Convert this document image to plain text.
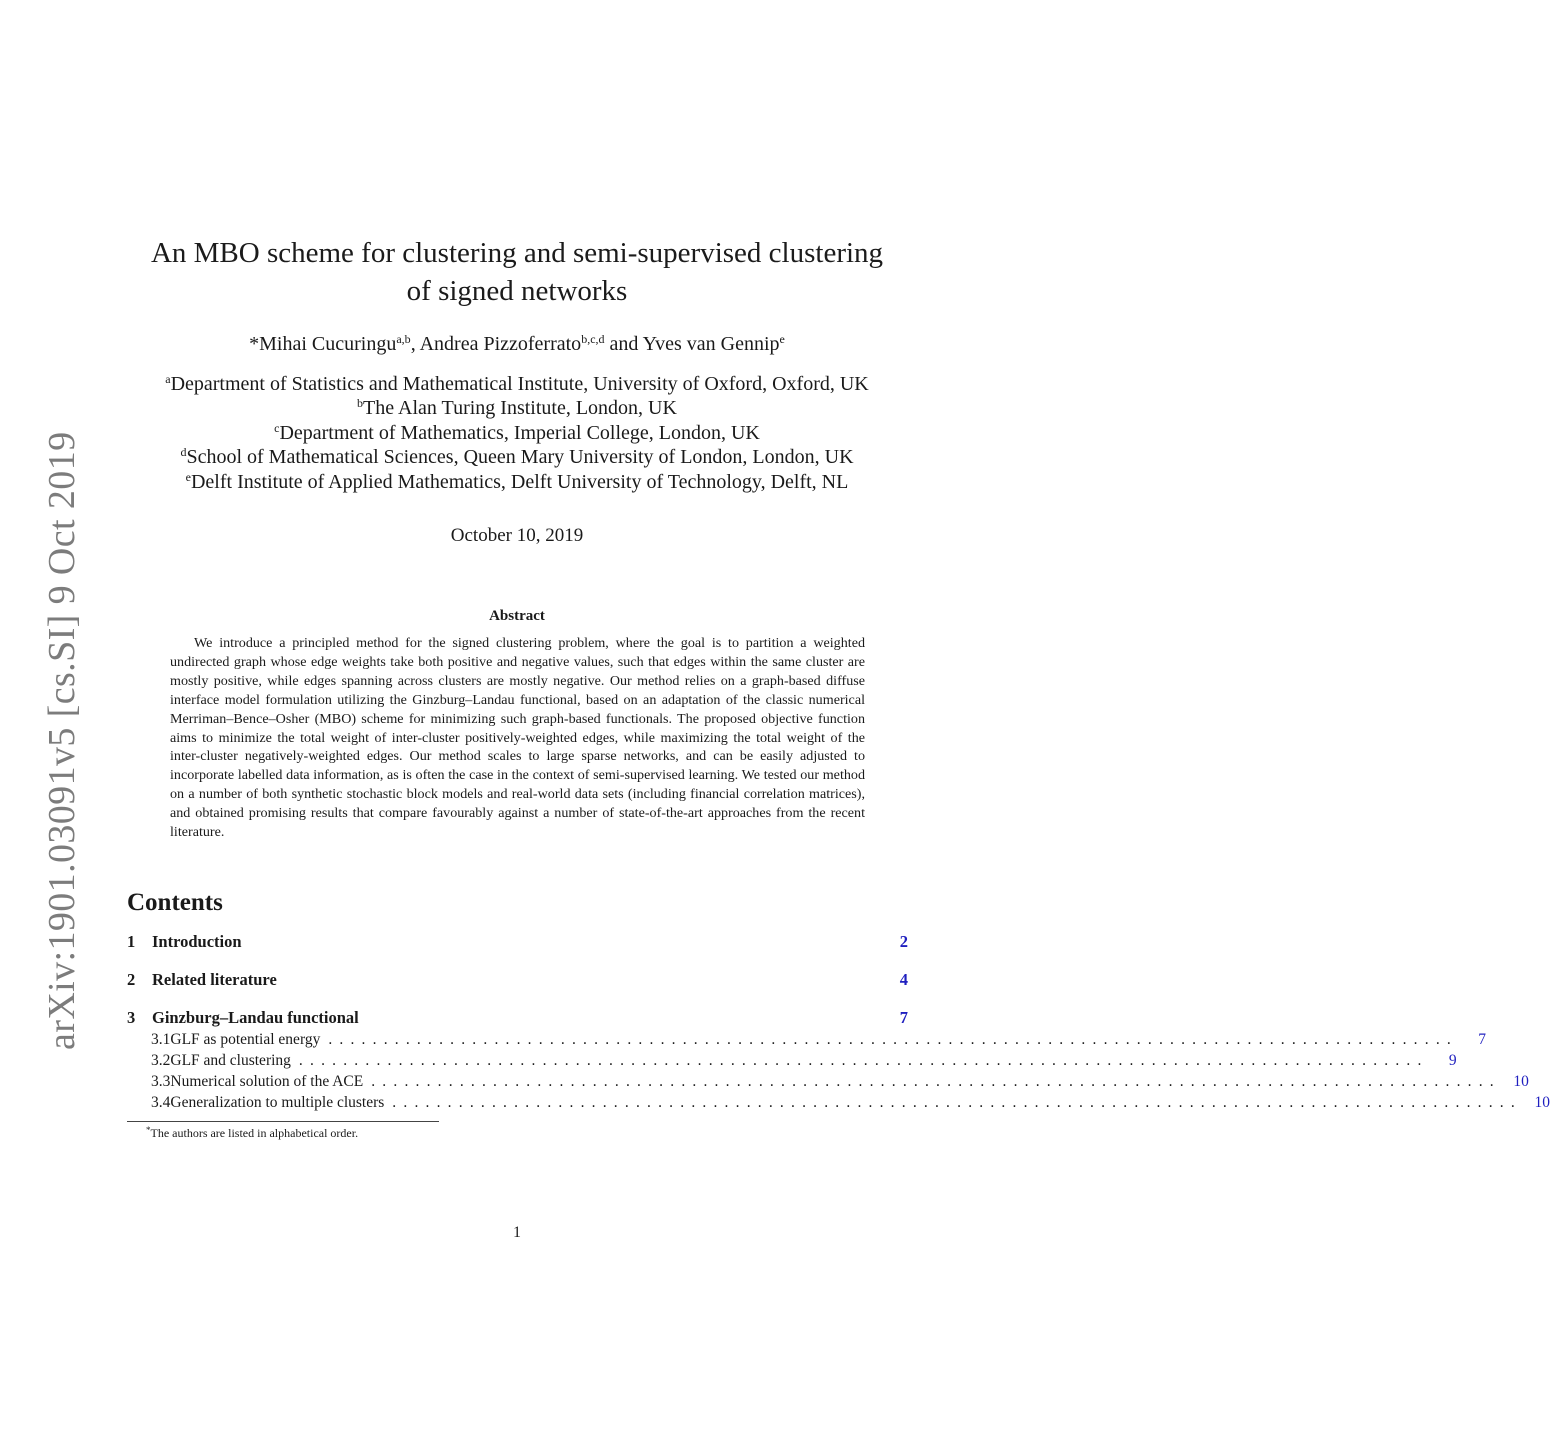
arXiv:1901.03091v5 [cs.SI] 9 Oct 2019
An MBO scheme for clustering and semi-supervised clustering
of signed networks
*Mihai Cucuringu$^{a,b}$, Andrea Pizzoferrato$^{b,c,d}$ and Yves van Gennip$^e$
$^a$Department of Statistics and Mathematical Institute, University of Oxford, Oxford, UK
$^b$The Alan Turing Institute, London, UK
$^c$Department of Mathematics, Imperial College, London, UK
$^d$School of Mathematical Sciences, Queen Mary University of London, London, UK
$^e$Delft Institute of Applied Mathematics, Delft University of Technology, Delft, NL
October 10, 2019
Abstract
We introduce a principled method for the signed clustering problem, where the goal is to partition a weighted undirected graph whose edge weights take both positive and negative values, such that edges within the same cluster are mostly positive, while edges spanning across clusters are mostly negative. Our method relies on a graph-based diffuse interface model formulation utilizing the Ginzburg–Landau functional, based on an adaptation of the classic numerical Merriman–Bence–Osher (MBO) scheme for minimizing such graph-based functionals. The proposed objective function aims to minimize the total weight of inter-cluster positively-weighted edges, while maximizing the total weight of the inter-cluster negatively-weighted edges. Our method scales to large sparse networks, and can be easily adjusted to incorporate labelled data information, as is often the case in the context of semi-supervised learning. We tested our method on a number of both synthetic stochastic block models and real-world data sets (including financial correlation matrices), and obtained promising results that compare favourably against a number of state-of-the-art approaches from the recent literature.
Contents
1	Introduction	2
2	Related literature	4
3	Ginzburg–Landau functional	7
3.1 GLF as potential energy ......................................................................................................	7
3.2 GLF and clustering ......................................................................................................	9
3.3 Numerical solution of the ACE ...................................................................................................... 10
3.4 Generalization to multiple clusters ...................................................................................................... 10
*The authors are listed in alphabetical order.
1
